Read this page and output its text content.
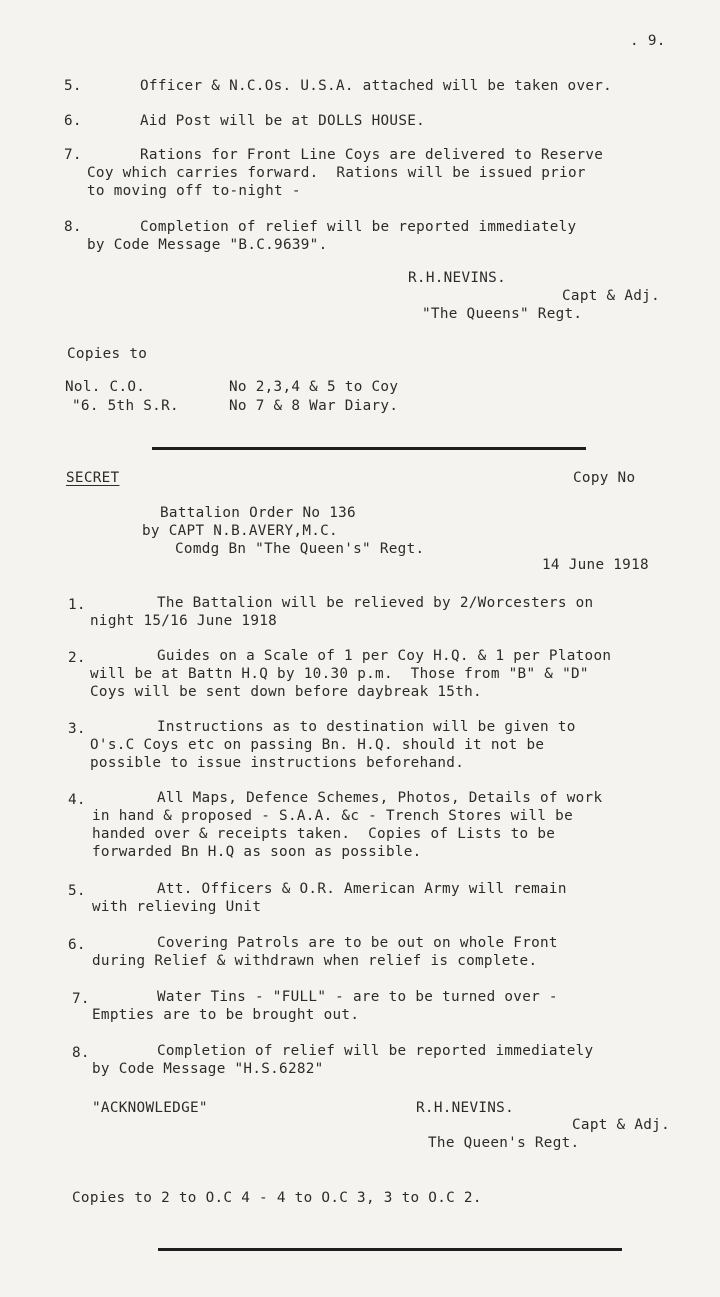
. 9.
5.	Officer & N.C.Os. U.S.A. attached will be taken over.
6.	Aid Post will be at DOLLS HOUSE.
7.	Rations for Front Line Coys are delivered to Reserve
Coy which carries forward.  Rations will be issued prior
to moving off to-night -
8.	Completion of relief will be reported immediately
by Code Message "B.C.9639".
R.H.NEVINS.
Capt & Adj.
"The Queens" Regt.
Copies to
Nol. C.O.	No 2,3,4 & 5 to Coy
"6. 5th S.R.	No 7 & 8 War Diary.
SECRET	Copy No
Battalion Order No 136
by CAPT N.B.AVERY,M.C.
Comdg Bn "The Queen's" Regt.
14 June 1918
1.	The Battalion will be relieved by 2/Worcesters on
night 15/16 June 1918
2.	Guides on a Scale of 1 per Coy H.Q. & 1 per Platoon
will be at Battn H.Q by 10.30 p.m.  Those from "B" & "D"
Coys will be sent down before daybreak 15th.
3.	Instructions as to destination will be given to
O's.C Coys etc on passing Bn. H.Q. should it not be
possible to issue instructions beforehand.
4.	All Maps, Defence Schemes, Photos, Details of work
in hand & proposed - S.A.A. &c - Trench Stores will be
handed over & receipts taken.  Copies of Lists to be
forwarded Bn H.Q as soon as possible.
5.	Att. Officers & O.R. American Army will remain
with relieving Unit
6.	Covering Patrols are to be out on whole Front
during Relief & withdrawn when relief is complete.
7.	Water Tins - "FULL" - are to be turned over -
Empties are to be brought out.
8.	Completion of relief will be reported immediately
by Code Message "H.S.6282"
"ACKNOWLEDGE"	R.H.NEVINS.
Capt & Adj.
The Queen's Regt.
Copies to 2 to O.C 4 - 4 to O.C 3, 3 to O.C 2.
